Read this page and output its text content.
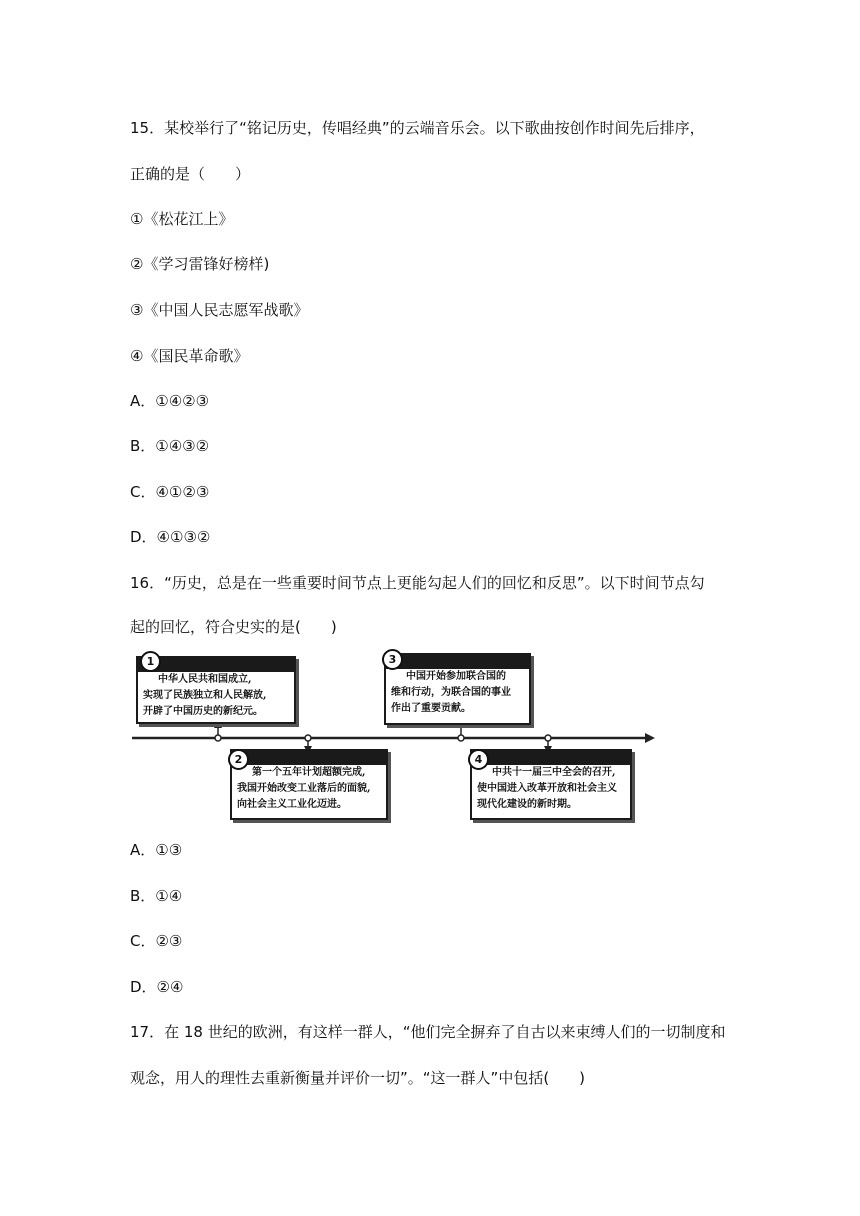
15．某校举行了“铭记历史，传唱经典”的云端音乐会。以下歌曲按创作时间先后排序，
正确的是（　　）
①《松花江上》
②《学习雷锋好榜样)
③《中国人民志愿军战歌》
④《国民革命歌》
A．①④②③
B．①④③②
C．④①②③
D．④①③②
16．“历史，总是在一些重要时间节点上更能勾起人们的回忆和反思”。以下时间节点勾
起的回忆，符合史实的是(　　)
中华人民共和国成立,
实现了民族独立和人民解放,
开辟了中国历史的新纪元。
1
中国开始参加联合国的
维和行动，为联合国的事业
作出了重要贡献。
3
第一个五年计划超额完成,
我国开始改变工业落后的面貌,
向社会主义工业化迈进。
2
中共十一届三中全会的召开,
使中国进入改革开放和社会主义
现代化建设的新时期。
4
A．①③
B．①④
C．②③
D．②④
17．在 18 世纪的欧洲，有这样一群人，“他们完全摒弃了自古以来束缚人们的一切制度和
观念，用人的理性去重新衡量并评价一切”。“这一群人”中包括(　　)
